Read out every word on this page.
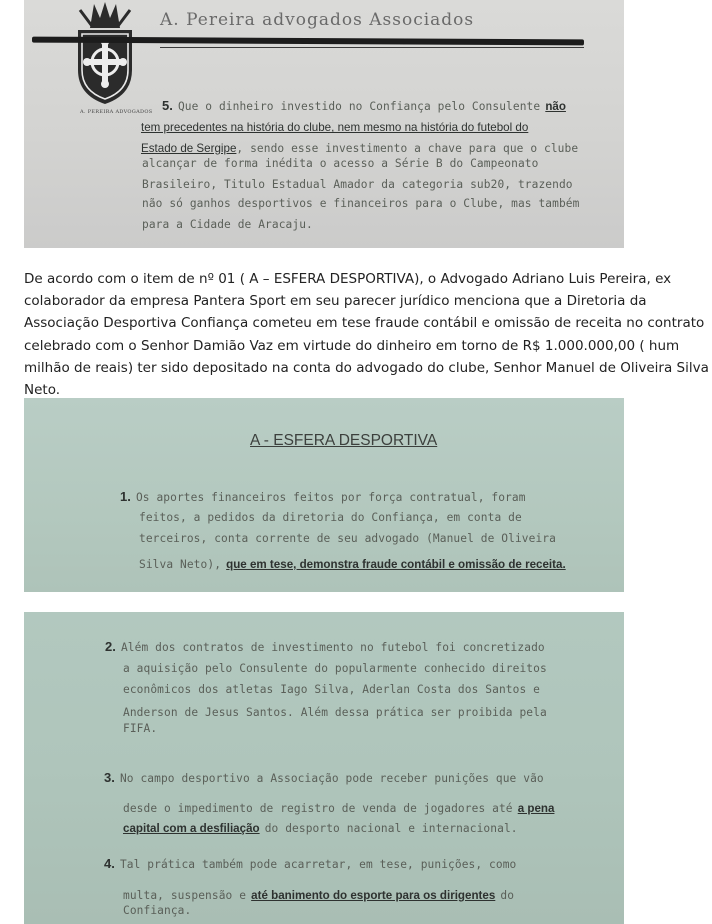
A. PEREIRA ADVOGADOS
A. Pereira advogados Associados
5. Que o dinheiro investido no Confiança pelo Consulente não
tem precedentes na história do clube, nem mesmo na história do futebol do
Estado de Sergipe, sendo esse investimento a chave para que o clube
alcançar de forma inédita o acesso a Série B do Campeonato
Brasileiro, Titulo Estadual Amador da categoria sub20, trazendo
não só ganhos desportivos e financeiros para o Clube, mas também
para a Cidade de Aracaju.
De acordo com o item de nº 01 ( A – ESFERA DESPORTIVA), o Advogado Adriano Luis Pereira, ex colaborador da empresa Pantera Sport em seu parecer jurídico menciona que a Diretoria da Associação Desportiva Confiança cometeu em tese fraude contábil e omissão de receita no contrato celebrado com o Senhor Damião Vaz em virtude do dinheiro em torno de R$ 1.000.000,00 ( hum milhão de reais) ter sido depositado na conta do advogado do clube, Senhor Manuel de Oliveira Silva Neto.
A - ESFERA DESPORTIVA
1. Os aportes financeiros feitos por força contratual, foram
feitos, a pedidos da diretoria do Confiança, em conta de
terceiros, conta corrente de seu advogado (Manuel de Oliveira
Silva Neto), que em tese, demonstra fraude contábil e omissão de receita.
2. Além dos contratos de investimento no futebol foi concretizado
a aquisição pelo Consulente do popularmente conhecido direitos
econômicos dos atletas Iago Silva, Aderlan Costa dos Santos e
Anderson de Jesus Santos. Além dessa prática ser proibida pela
FIFA.
3. No campo desportivo a Associação pode receber punições que vão
desde o impedimento de registro de venda de jogadores até a pena
capital com a desfiliação do desporto nacional e internacional.
4. Tal prática também pode acarretar, em tese, punições, como
multa, suspensão e até banimento do esporte para os dirigentes do
Confiança.
